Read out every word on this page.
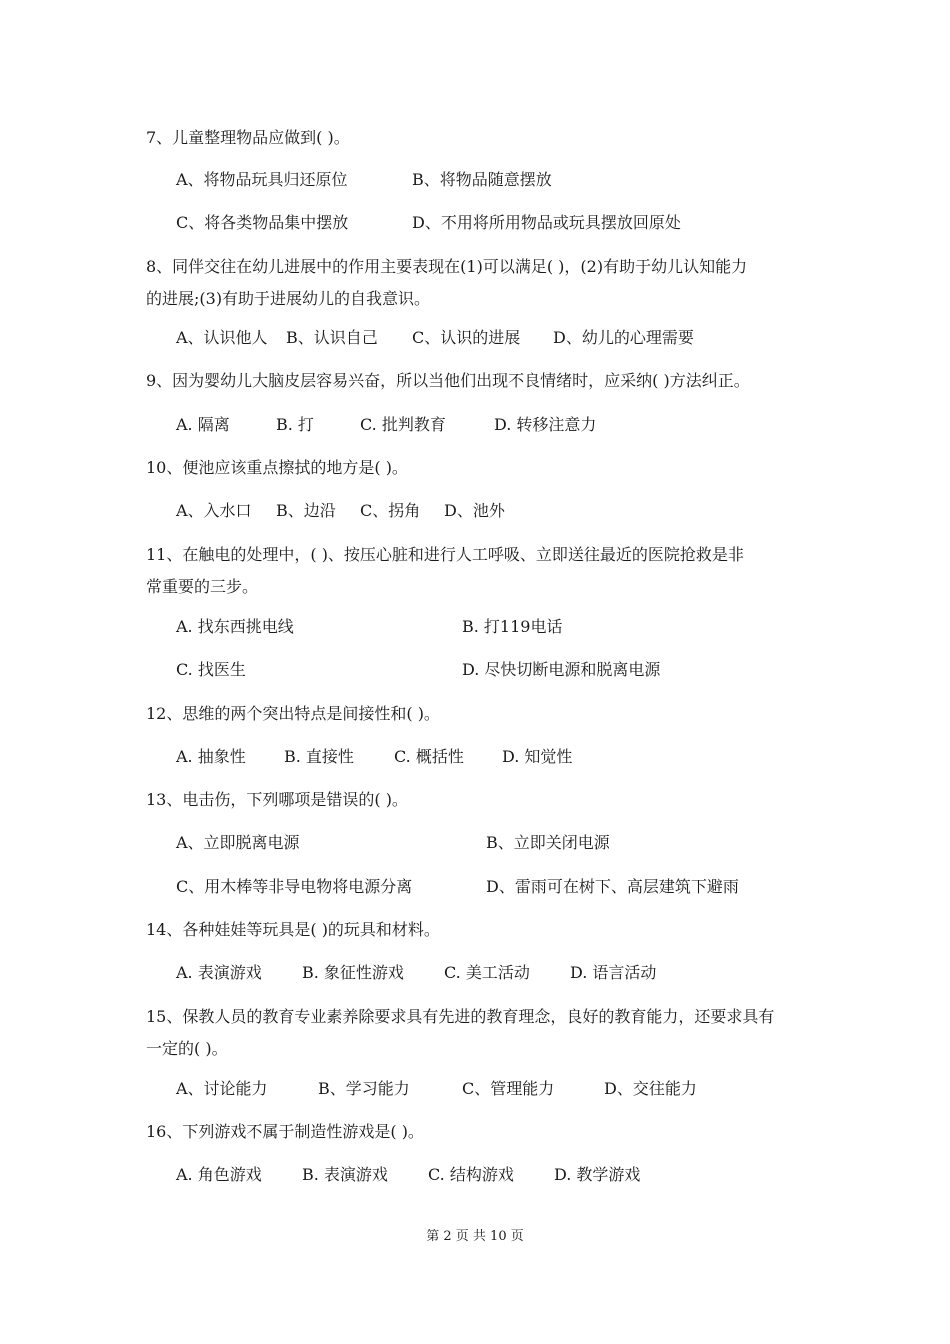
7、儿童整理物品应做到( )。
A、将物品玩具归还原位	B、将物品随意摆放
C、将各类物品集中摆放	D、不用将所用物品或玩具摆放回原处
8、同伴交往在幼儿进展中的作用主要表现在(1)可以满足( )，(2)有助于幼儿认知能力
的进展;(3)有助于进展幼儿的自我意识。
A、认识他人 B、认识自己 C、认识的进展 D、幼儿的心理需要
9、因为婴幼儿大脑皮层容易兴奋，所以当他们出现不良情绪时，应采纳( )方法纠正。
A. 隔离	B. 打	C. 批判教育	D. 转移注意力
10、便池应该重点擦拭的地方是( )。
A、入水口 B、边沿 C、拐角 D、池外
11、在触电的处理中，( )、按压心脏和进行人工呼吸、立即送往最近的医院抢救是非
常重要的三步。
A. 找东西挑电线	B. 打119电话
C. 找医生	D. 尽快切断电源和脱离电源
12、思维的两个突出特点是间接性和( )。
A. 抽象性 B. 直接性	C. 概括性 D. 知觉性
13、电击伤，下列哪项是错误的( )。
A、立即脱离电源	B、立即关闭电源
C、用木棒等非导电物将电源分离	D、雷雨可在树下、高层建筑下避雨
14、各种娃娃等玩具是( )的玩具和材料。
A. 表演游戏	B. 象征性游戏	C. 美工活动	D. 语言活动
15、保教人员的教育专业素养除要求具有先进的教育理念，良好的教育能力，还要求具有
一定的( )。
A、讨论能力	B、学习能力	C、管理能力	D、交往能力
16、下列游戏不属于制造性游戏是( )。
A. 角色游戏	B. 表演游戏	C. 结构游戏	D. 教学游戏
第 2 页 共 10 页
